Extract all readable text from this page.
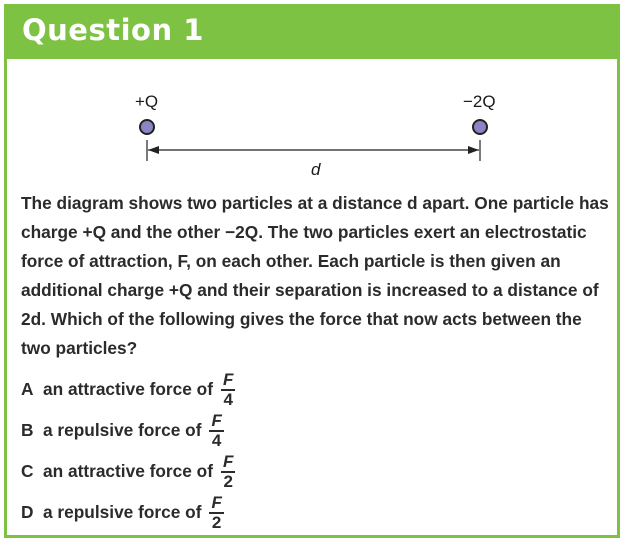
Question 1
+Q	−2Q
d
The diagram shows two particles at a distance d apart. One particle has charge +Q and the other −2Q. The two particles exert an electrostatic force of attraction, F, on each other. Each particle is then given an additional charge +Q and their separation is increased to a distance of 2d. Which of the following gives the force that now acts between the two particles?
A an attractive force of $\frac{F}{4}$
B a repulsive force of $\frac{F}{4}$
C an attractive force of $\frac{F}{2}$
D a repulsive force of $\frac{F}{2}$
